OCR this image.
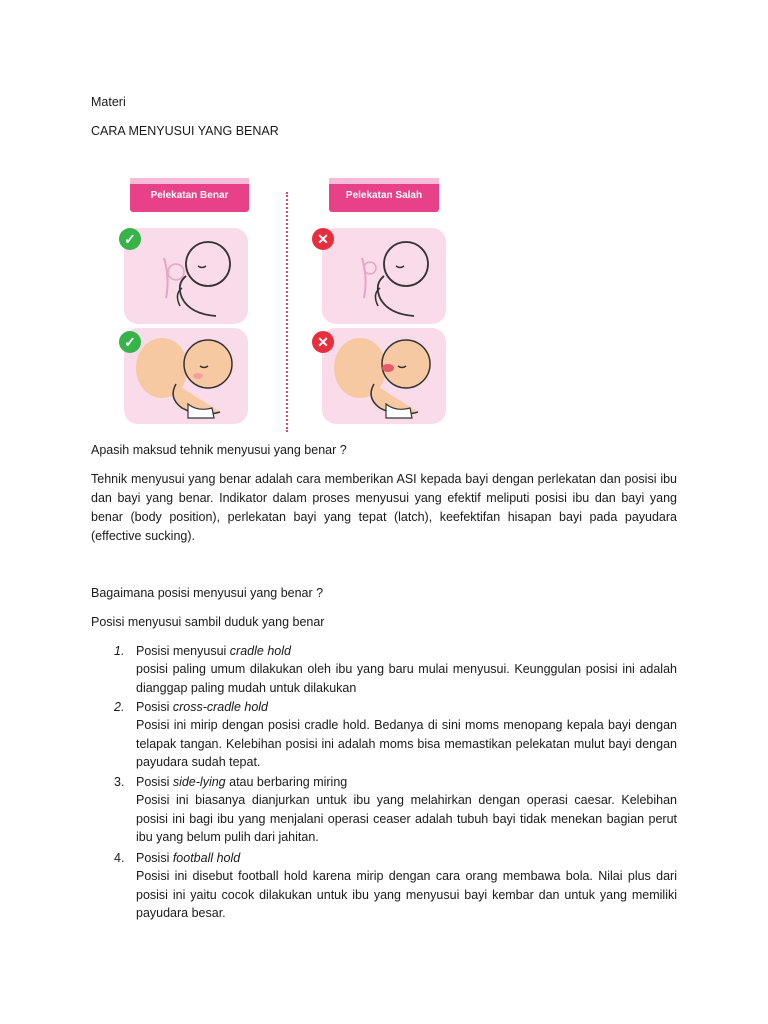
Materi
CARA MENYUSUI YANG BENAR
Pelekatan Benar	Pelekatan Salah
✓
✓
✕
✕
Apasih maksud tehnik menyusui yang benar ?
Tehnik menyusui yang benar adalah cara memberikan ASI kepada bayi dengan perlekatan dan posisi ibu dan bayi yang benar. Indikator dalam proses menyusui yang efektif meliputi posisi ibu dan bayi yang benar (body position), perlekatan bayi yang tepat (latch), keefektifan hisapan bayi pada payudara (effective sucking).
Bagaimana posisi menyusui yang benar ?
Posisi menyusui sambil duduk yang benar
1. Posisi menyusui cradle hold
posisi paling umum dilakukan oleh ibu yang baru mulai menyusui. Keunggulan posisi ini adalah dianggap paling mudah untuk dilakukan
2. Posisi cross-cradle hold
Posisi ini mirip dengan posisi cradle hold. Bedanya di sini moms menopang kepala bayi dengan telapak tangan. Kelebihan posisi ini adalah moms bisa memastikan pelekatan mulut bayi dengan payudara sudah tepat.
3. Posisi side-lying atau berbaring miring
Posisi ini biasanya dianjurkan untuk ibu yang melahirkan dengan operasi caesar. Kelebihan posisi ini bagi ibu yang menjalani operasi ceaser adalah tubuh bayi tidak menekan bagian perut ibu yang belum pulih dari jahitan.
4. Posisi football hold
Posisi ini disebut football hold karena mirip dengan cara orang membawa bola. Nilai plus dari posisi ini yaitu cocok dilakukan untuk ibu yang menyusui bayi kembar dan untuk yang memiliki payudara besar.
